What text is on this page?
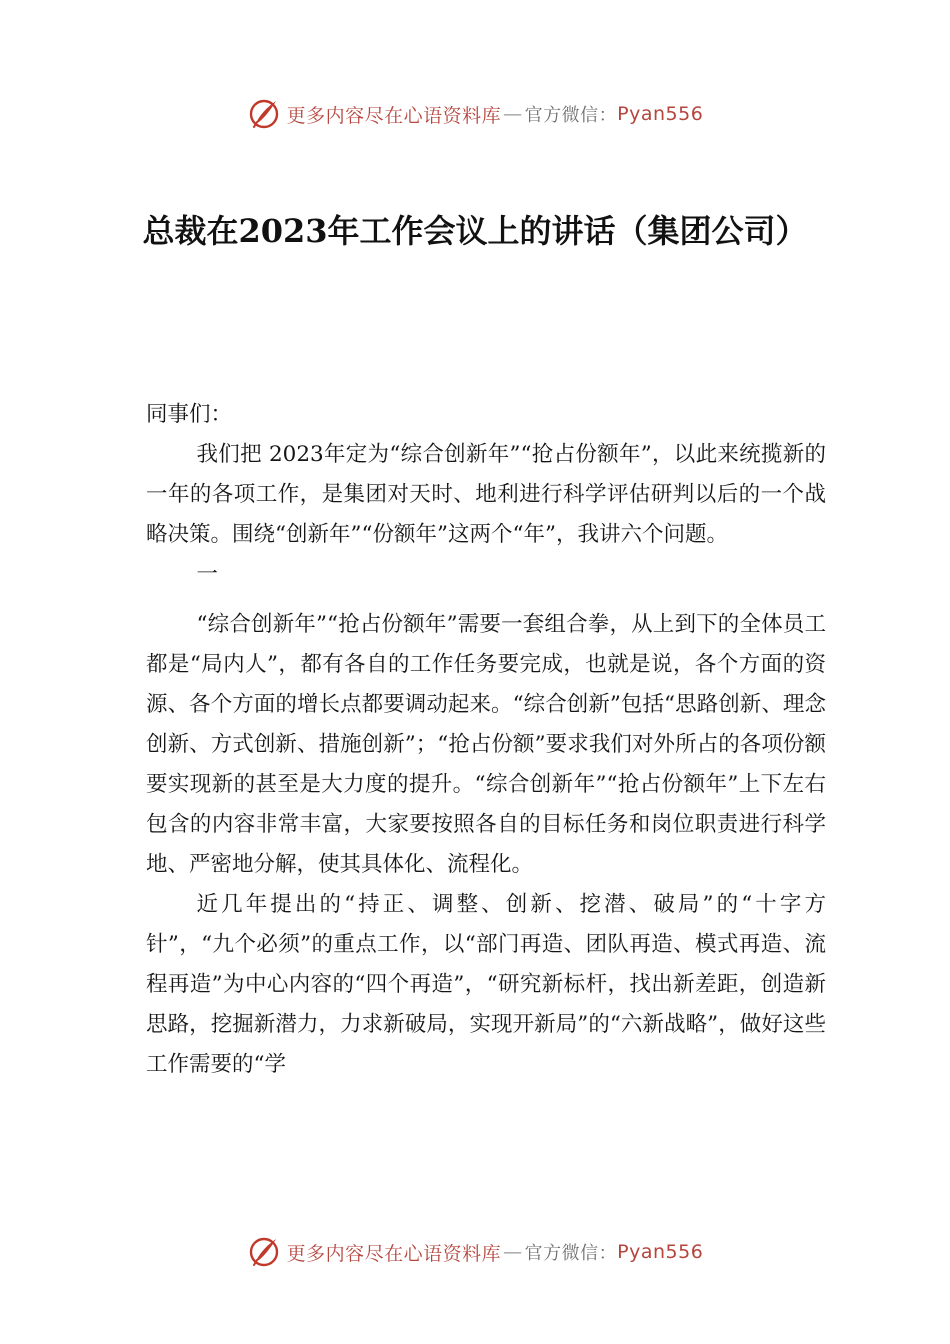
更多内容尽在心语资料库 — 官方微信： Pyan556
总裁在2023年工作会议上的讲话（集团公司）

同事们：

我们把 2023年定为“综合创新年”“抢占份额年”，以此来统揽新的一年的各项工作，是集团对天时、地利进行科学评估研判以后的一个战略决策。围绕“创新年”“份额年”这两个“年”，我讲六个问题。

一

“综合创新年”“抢占份额年”需要一套组合拳，从上到下的全体员工都是“局内人”，都有各自的工作任务要完成，也就是说，各个方面的资源、各个方面的增长点都要调动起来。“综合创新”包括“思路创新、理念创新、方式创新、措施创新”；“抢占份额”要求我们对外所占的各项份额要实现新的甚至是大力度的提升。“综合创新年”“抢占份额年”上下左右包含的内容非常丰富，大家要按照各自的目标任务和岗位职责进行科学地、严密地分解，使其具体化、流程化。

近几年提出的“持正、调整、创新、挖潜、破局”的“十字方针”，“九个必须”的重点工作，以“部门再造、团队再造、模式再造、流程再造”为中心内容的“四个再造”，“研究新标杆，找出新差距，创造新思路，挖掘新潜力，力求新破局，实现开新局”的“六新战略”，做好这些工作需要的“学

更多内容尽在心语资料库 — 官方微信： Pyan556
